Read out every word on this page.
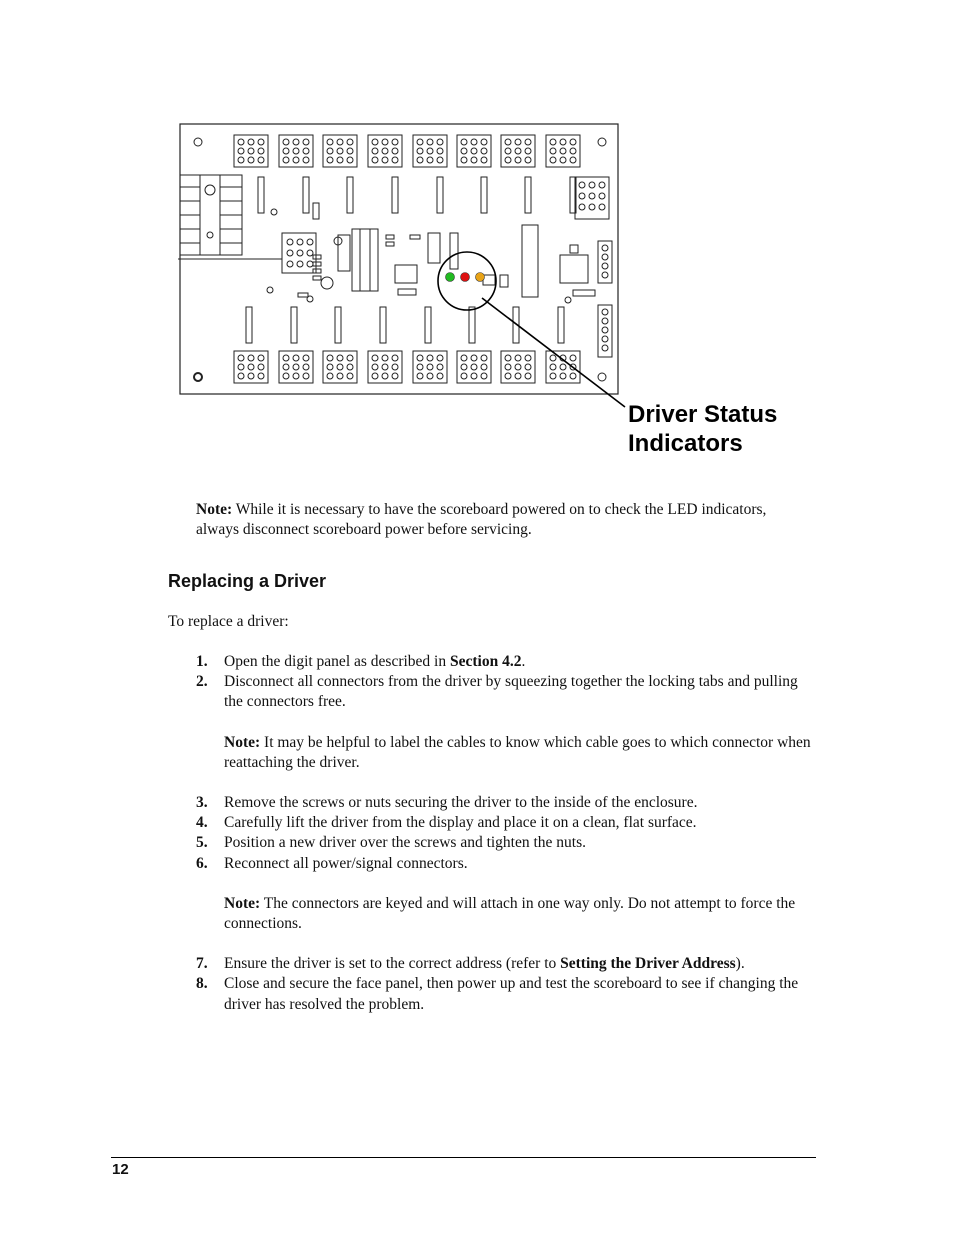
Driver Status
Indicators
Note: While it is necessary to have the scoreboard powered on to check the LED indicators, always disconnect scoreboard power before servicing.
Replacing a Driver
To replace a driver:
1.	Open the digit panel as described in Section 4.2.
2.	Disconnect all connectors from the driver by squeezing together the locking tabs and pulling the connectors free.
Note: It may be helpful to label the cables to know which cable goes to which connector when reattaching the driver.
3.	Remove the screws or nuts securing the driver to the inside of the enclosure.
4.	Carefully lift the driver from the display and place it on a clean, flat surface.
5.	Position a new driver over the screws and tighten the nuts.
6.	Reconnect all power/signal connectors.
Note: The connectors are keyed and will attach in one way only. Do not attempt to force the connections.
7.	Ensure the driver is set to the correct address (refer to Setting the Driver Address).
8.	Close and secure the face panel, then power up and test the scoreboard to see if changing the driver has resolved the problem.
12
